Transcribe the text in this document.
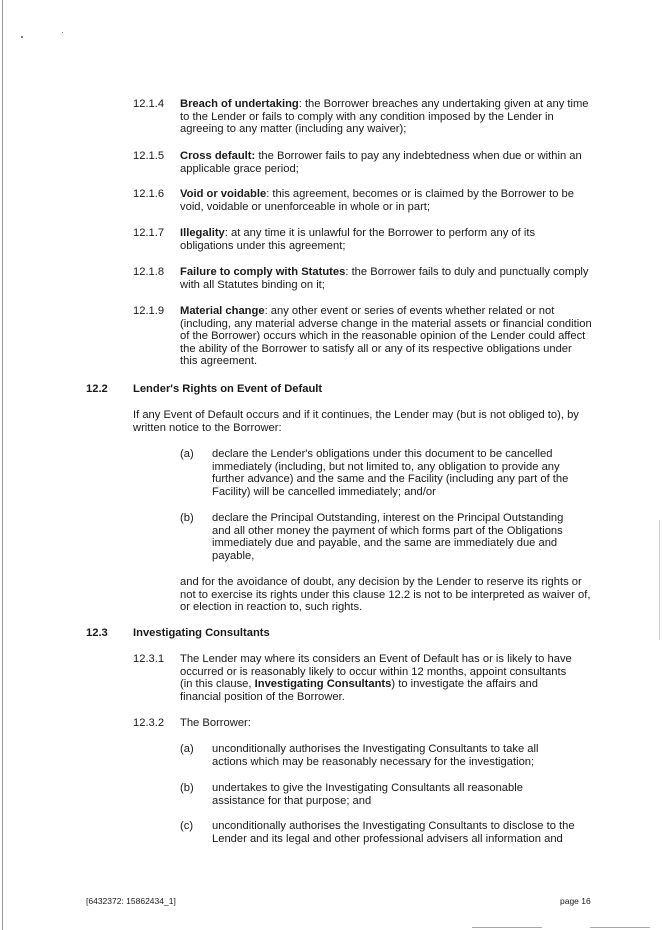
12.1.4 Breach of undertaking: the Borrower breaches any undertaking given at any time to the Lender or fails to comply with any condition imposed by the Lender in agreeing to any matter (including any waiver);
12.1.5 Cross default: the Borrower fails to pay any indebtedness when due or within an applicable grace period;
12.1.6 Void or voidable: this agreement, becomes or is claimed by the Borrower to be void, voidable or unenforceable in whole or in part;
12.1.7 Illegality: at any time it is unlawful for the Borrower to perform any of its obligations under this agreement;
12.1.8 Failure to comply with Statutes: the Borrower fails to duly and punctually comply with all Statutes binding on it;
12.1.9 Material change: any other event or series of events whether related or not (including, any material adverse change in the material assets or financial condition of the Borrower) occurs which in the reasonable opinion of the Lender could affect the ability of the Borrower to satisfy all or any of its respective obligations under this agreement.
12.2 Lender's Rights on Event of Default
If any Event of Default occurs and if it continues, the Lender may (but is not obliged to), by written notice to the Borrower:
(a) declare the Lender's obligations under this document to be cancelled immediately (including, but not limited to, any obligation to provide any further advance) and the same and the Facility (including any part of the Facility) will be cancelled immediately; and/or
(b) declare the Principal Outstanding, interest on the Principal Outstanding and all other money the payment of which forms part of the Obligations immediately due and payable, and the same are immediately due and payable,
and for the avoidance of doubt, any decision by the Lender to reserve its rights or not to exercise its rights under this clause 12.2 is not to be interpreted as waiver of, or election in reaction to, such rights.
12.3 Investigating Consultants
12.3.1 The Lender may where its considers an Event of Default has or is likely to have occurred or is reasonably likely to occur within 12 months, appoint consultants (in this clause, Investigating Consultants) to investigate the affairs and financial position of the Borrower.
12.3.2 The Borrower:
(a) unconditionally authorises the Investigating Consultants to take all actions which may be reasonably necessary for the investigation;
(b) undertakes to give the Investigating Consultants all reasonable assistance for that purpose; and
(c) unconditionally authorises the Investigating Consultants to disclose to the Lender and its legal and other professional advisers all information and
[6432372: 15862434_1]	page 16
